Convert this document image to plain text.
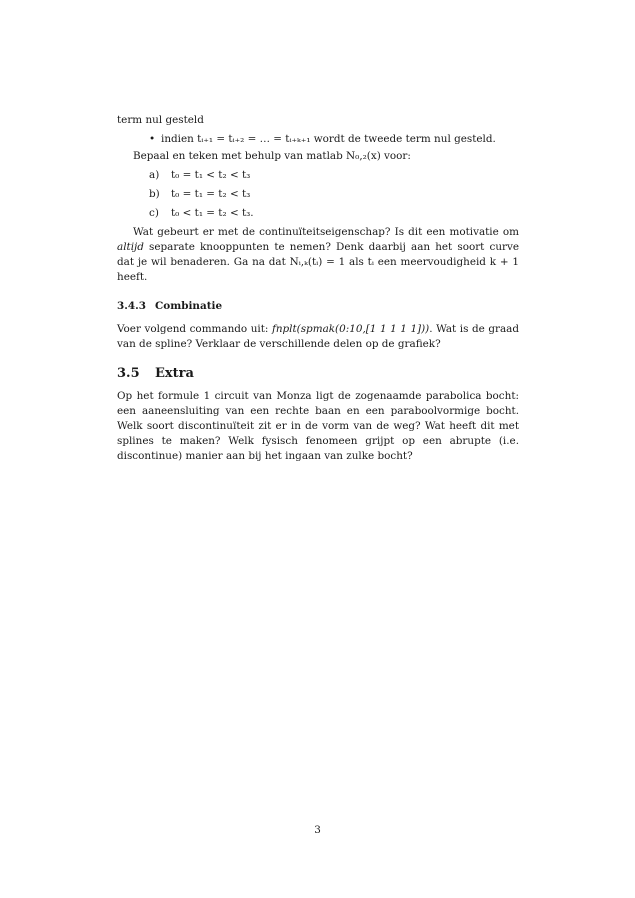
term nul gesteld

• indien tᵢ₊₁ = tᵢ₊₂ = … = tᵢ₊ₖ₊₁ wordt de tweede term nul gesteld.

Bepaal en teken met behulp van matlab N₀,₂(x) voor:

a)	t₀ = t₁ < t₂ < t₃
b)	t₀ = t₁ = t₂ < t₃
c)	t₀ < t₁ = t₂ < t₃.

Wat gebeurt er met de continuïteitseigenschap? Is dit een motivatie om altijd separate knooppunten te nemen? Denk daarbij aan het soort curve dat je wil benaderen. Ga na dat Nᵢ,ₖ(tᵢ) = 1 als tᵢ een meervoudigheid k + 1 heeft.

3.4.3 Combinatie

Voer volgend commando uit: fnplt(spmak(0:10,[1 1 1 1 1])). Wat is de graad van de spline? Verklaar de verschillende delen op de grafiek?

3.5	Extra

Op het formule 1 circuit van Monza ligt de zogenaamde parabolica bocht: een aaneensluiting van een rechte baan en een paraboolvormige bocht. Welk soort discontinuïteit zit er in de vorm van de weg? Wat heeft dit met splines te maken? Welk fysisch fenomeen grijpt op een abrupte (i.e. discontinue) manier aan bij het ingaan van zulke bocht?

3
